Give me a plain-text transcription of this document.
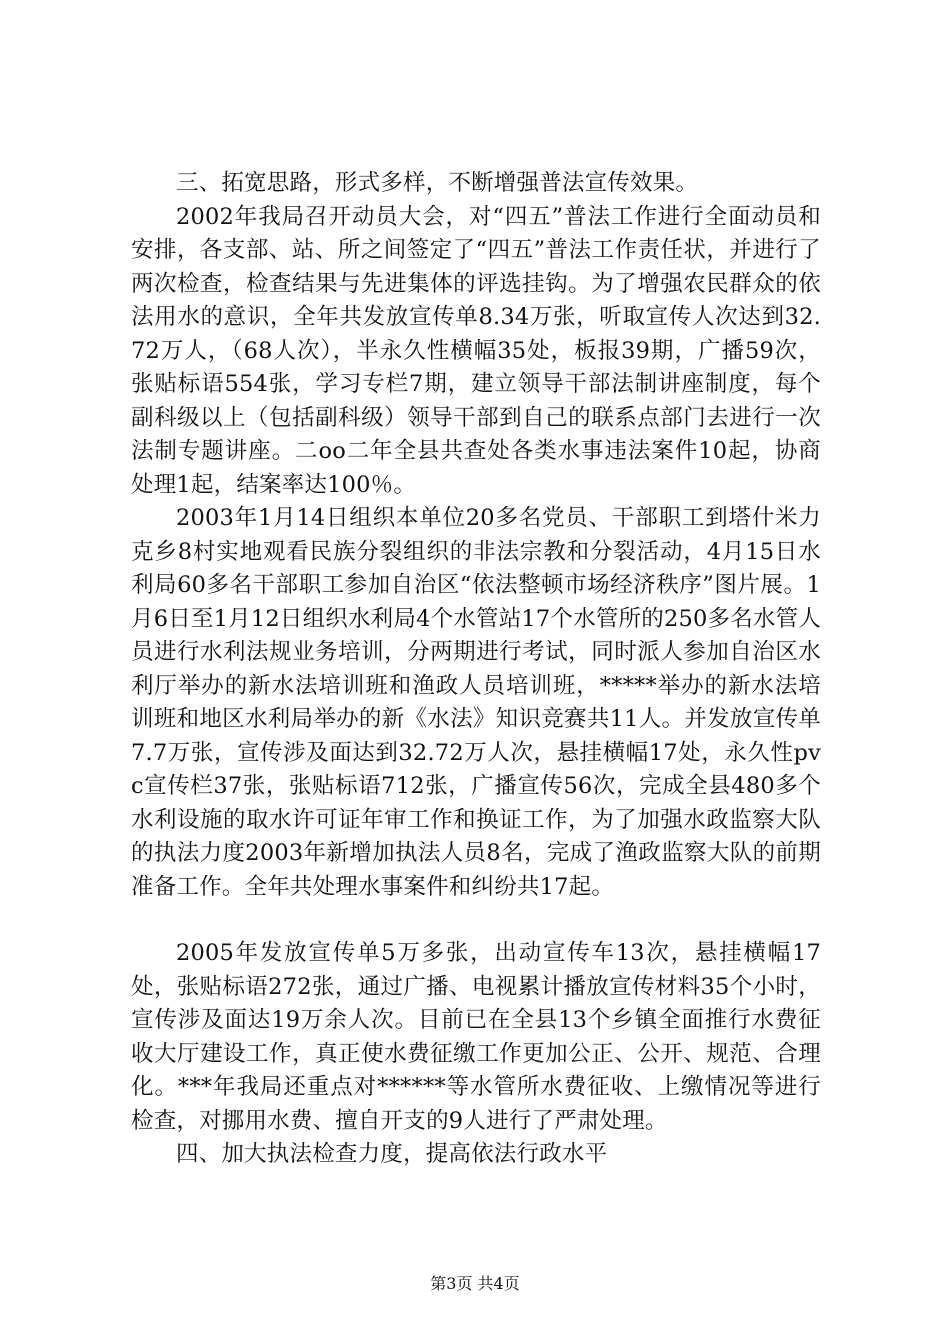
三、拓宽思路，形式多样，不断增强普法宣传效果。

2002年我局召开动员大会，对“四五”普法工作进行全面动员和安排，各支部、站、所之间签定了“四五”普法工作责任状，并进行了两次检查，检查结果与先进集体的评选挂钩。为了增强农民群众的依法用水的意识，全年共发放宣传单8.34万张，听取宣传人次达到32.72万人，（68人次），半永久性横幅35处，板报39期，广播59次，张贴标语554张，学习专栏7期，建立领导干部法制讲座制度，每个副科级以上（包括副科级）领导干部到自己的联系点部门去进行一次法制专题讲座。二oo二年全县共查处各类水事违法案件10起，协商处理1起，结案率达100％。

2003年1月14日组织本单位20多名党员、干部职工到塔什米力克乡8村实地观看民族分裂组织的非法宗教和分裂活动，4月15日水利局60多名干部职工参加自治区“依法整顿市场经济秩序”图片展。1月6日至1月12日组织水利局4个水管站17个水管所的250多名水管人员进行水利法规业务培训，分两期进行考试，同时派人参加自治区水利厅举办的新水法培训班和渔政人员培训班，*****举办的新水法培训班和地区水利局举办的新《水法》知识竞赛共11人。并发放宣传单7.7万张，宣传涉及面达到32.72万人次，悬挂横幅17处，永久性pvc宣传栏37张，张贴标语712张，广播宣传56次，完成全县480多个水利设施的取水许可证年审工作和换证工作，为了加强水政监察大队的执法力度2003年新增加执法人员8名，完成了渔政监察大队的前期准备工作。全年共处理水事案件和纠纷共17起。

2005年发放宣传单5万多张，出动宣传车13次，悬挂横幅17处，张贴标语272张，通过广播、电视累计播放宣传材料35个小时，宣传涉及面达19万余人次。目前已在全县13个乡镇全面推行水费征收大厅建设工作，真正使水费征缴工作更加公正、公开、规范、合理化。***年我局还重点对******等水管所水费征收、上缴情况等进行检查，对挪用水费、擅自开支的9人进行了严肃处理。

四、加大执法检查力度，提高依法行政水平

第3页 共4页
